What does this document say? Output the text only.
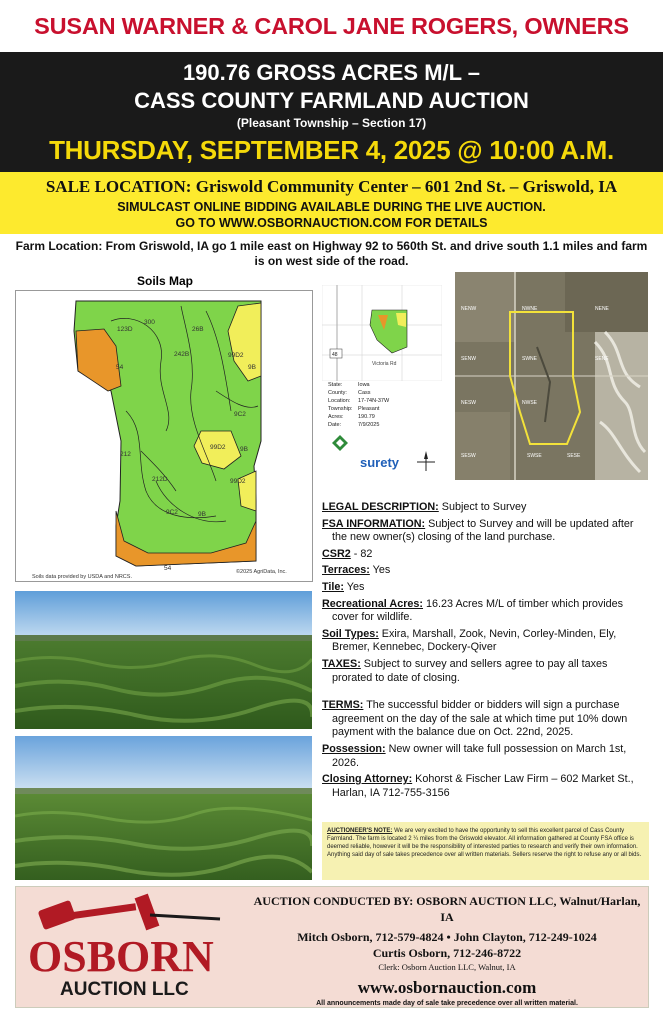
SUSAN WARNER & CAROL JANE ROGERS, OWNERS
190.76 GROSS ACRES M/L –
CASS COUNTY FARMLAND AUCTION
(Pleasant Township – Section 17)
THURSDAY, SEPTEMBER 4, 2025 @ 10:00 A.M.
SALE LOCATION: Griswold Community Center – 601 2nd St. – Griswold, IA
SIMULCAST ONLINE BIDDING AVAILABLE DURING THE LIVE AUCTION.
GO TO WWW.OSBORNAUCTION.COM FOR DETAILS
Farm Location: From Griswold, IA go 1 mile east on Highway 92 to 560th St. and drive south 1.1 miles and farm is on west side of the road.
Soils Map
300
123D	26B
54
242B	99D2
9B
9C2
99D2 9B
212
212D	99D2
9C2	9B
54
Soils data provided by USDA and NRCS.
©2025 AgriData, Inc.
Victoria Rd
48
State:	Iowa
County: Cass
Location: 17-74N-37W
Township: Pleasant
Acres:	190.79
Date:	7/9/2025
surety
NENW	NWNE	NENE
SENW	SWNE	SENE
NESW	NWSE
SESW	SWSE	SESE

LEGAL DESCRIPTION: Subject to Survey

FSA INFORMATION: Subject to Survey and will be updated after the new owner(s) closing of the land purchase.

CSR2 - 82

Terraces: Yes

Tile: Yes

Recreational Acres: 16.23 Acres M/L of timber which provides cover for wildlife.

Soil Types: Exira, Marshall, Zook, Nevin, Corley-Minden, Ely, Bremer, Kennebec, Dockery-Qiver

TAXES: Subject to survey and sellers agree to pay all taxes prorated to date of closing.

TERMS: The successful bidder or bidders will sign a purchase agreement on the day of the sale at which time put 10% down payment with the balance due on Oct. 22nd, 2025.

Possession: New owner will take full possession on March 1st, 2026.

Closing Attorney: Kohorst & Fischer Law Firm – 602 Market St., Harlan, IA 712-755-3156

AUCTIONEER'S NOTE: We are very excited to have the opportunity to sell this excellent parcel of Cass County Farmland. The farm is located 2 ¼ miles from the Griswold elevator. All information gathered at County FSA office is deemed reliable, however it will be the responsibility of interested parties to research and verify their own information. Anything said day of sale takes precedence over all written materials. Sellers reserve the right to refuse any or all bids.
OSBORN
AUCTION LLC
AUCTION CONDUCTED BY: OSBORN AUCTION LLC, Walnut/Harlan, IA
Mitch Osborn, 712-579-4824 • John Clayton, 712-249-1024
Curtis Osborn, 712-246-8722
Clerk: Osborn Auction LLC, Walnut, IA
www.osbornauction.com
All announcements made day of sale take precedence over all written material.
